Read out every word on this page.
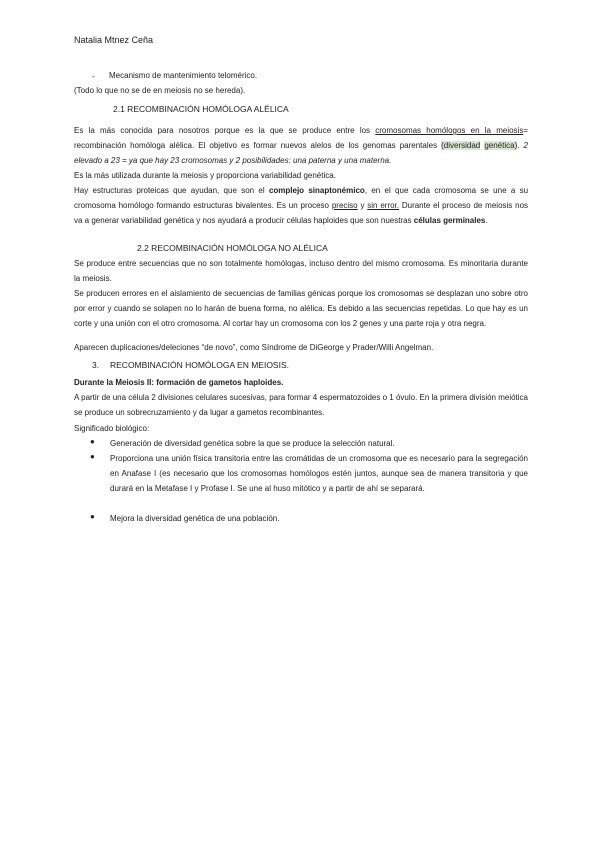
Natalia Mtnez Ceña
- Mecanismo de mantenimiento telomérico.
(Todo lo que no se de en meiosis no se hereda).
2.1 RECOMBINACIÓN HOMÓLOGA ALÉLICA
Es la más conocida para nosotros porque es la que se produce entre los cromosomas homólogos en la meiosis= recombinación homóloga alélica. El objetivo es formar nuevos alelos de los genomas parentales (diversidad genética). 2 elevado a 23 = ya que hay 23 cromosomas y 2 posibilidades: una paterna y una materna.
Es la más utilizada durante la meiosis y proporciona variabilidad genética.
Hay estructuras proteicas que ayudan, que son el complejo sinaptonémico, en el que cada cromosoma se une a su cromosoma homólogo formando estructuras bivalentes. Es un proceso preciso y sin error. Durante el proceso de meiosis nos va a generar variabilidad genética y nos ayudará a producir células haploides que son nuestras células germinales.
2.2 RECOMBINACIÓN HOMÓLOGA NO ALÉLICA
Se produce entre secuencias que no son totalmente homólogas, incluso dentro del mismo cromosoma. Es minoritaria durante la meiosis.
Se producen errores en el aislamiento de secuencias de familias génicas porque los cromosomas se desplazan uno sobre otro por error y cuando se solapen no lo harán de buena forma, no alélica. Es debido a las secuencias repetidas. Lo que hay es un corte y una unión con el otro cromosoma. Al cortar hay un cromosoma con los 2 genes y una parte roja y otra negra.
Aparecen duplicaciones/deleciones “de novo”, como Síndrome de DiGeorge y Prader/Willi Angelman.
3. RECOMBINACIÓN HOMÓLOGA EN MEIOSIS.
Durante la Meiosis II: formación de gametos haploides.
A partir de una célula 2 divisiones celulares sucesivas, para formar 4 espermatozoides o 1 óvulo. En la primera división meiótica se produce un sobrecruzamiento y da lugar a gametos recombinantes.
Significado biológico:
● Generación de diversidad genética sobre la que se produce la selección natural.
● Proporciona una unión física transitoria entre las cromátidas de un cromosoma que es necesario para la segregación en Anafase I (es necesario que los cromosomas homólogos estén juntos, aunque sea de manera transitoria y que durará en la Metafase I y Profase I. Se une al huso mitótico y a partir de ahí se separará.
● Mejora la diversidad genética de una población.
